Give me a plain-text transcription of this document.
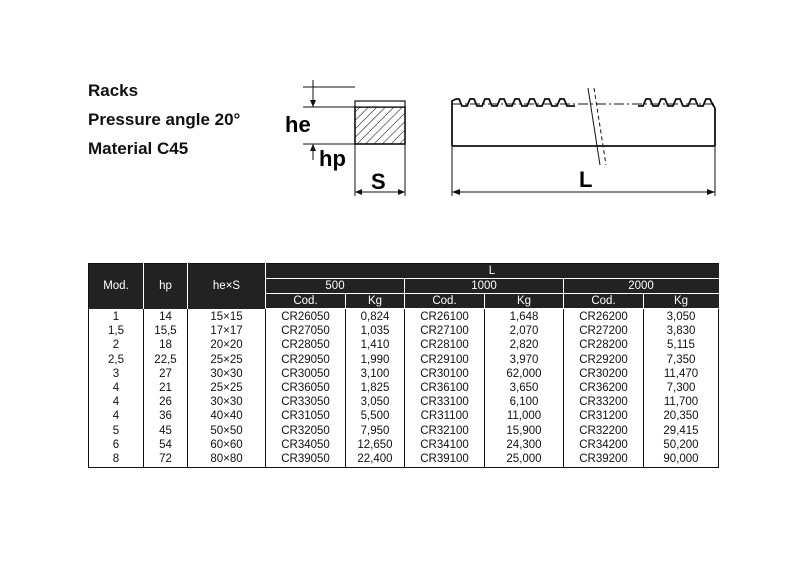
Racks
Pressure angle 20°
Material C45
he
hp
S	L
Mod.	hp	he×S	L					
			500		1000		2000	
			Cod.	Kg	Cod.	Kg	Cod.	Kg
1	14	15×15	CR26050	0,824	CR26100	1,648	CR26200	3,050
1,5	15,5	17×17	CR27050	1,035	CR27100	2,070	CR27200	3,830
2	18	20×20	CR28050	1,410	CR28100	2,820	CR28200	5,115
2,5	22,5	25×25	CR29050	1,990	CR29100	3,970	CR29200	7,350
3	27	30×30	CR30050	3,100	CR30100	62,000	CR30200	11,470
4	21	25×25	CR36050	1,825	CR36100	3,650	CR36200	7,300
4	26	30×30	CR33050	3,050	CR33100	6,100	CR33200	11,700
4	36	40×40	CR31050	5,500	CR31100	11,000	CR31200	20,350
5	45	50×50	CR32050	7,950	CR32100	15,900	CR32200	29,415
6	54	60×60	CR34050	12,650	CR34100	24,300	CR34200	50,200
8	72	80×80	CR39050	22,400	CR39100	25,000	CR39200	90,000
